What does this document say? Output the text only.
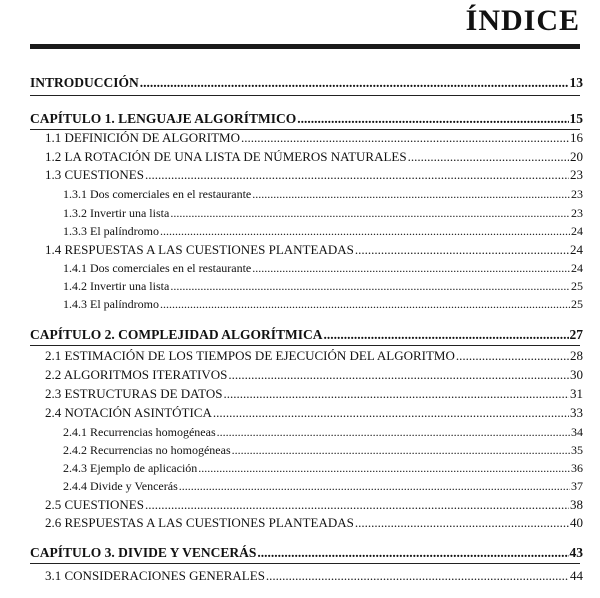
ÍNDICE
INTRODUCCIÓN .....	13
CAPÍTULO 1. LENGUAJE ALGORÍTMICO .....	15
1.1 DEFINICIÓN DE ALGORITMO .....	16
1.2 LA ROTACIÓN DE UNA LISTA DE NÚMEROS NATURALES .....	20
1.3 CUESTIONES .....	23
1.3.1 Dos comerciales en el restaurante .....	23
1.3.2 Invertir una lista .....	23
1.3.3 El palíndromo .....	24
1.4 RESPUESTAS A LAS CUESTIONES PLANTEADAS .....	24
1.4.1 Dos comerciales en el restaurante .....	24
1.4.2 Invertir una lista .....	25
1.4.3 El palíndromo .....	25
CAPÍTULO 2. COMPLEJIDAD ALGORÍTMICA .....	27
2.1 ESTIMACIÓN DE LOS TIEMPOS DE EJECUCIÓN DEL ALGORITMO .....	28
2.2 ALGORITMOS ITERATIVOS .....	30
2.3 ESTRUCTURAS DE DATOS .....	31
2.4 NOTACIÓN ASINTÓTICA .....	33
2.4.1 Recurrencias homogéneas .....	34
2.4.2 Recurrencias no homogéneas .....	35
2.4.3 Ejemplo de aplicación .....	36
2.4.4 Divide y Vencerás .....	37
2.5 CUESTIONES .....	38
2.6 RESPUESTAS A LAS CUESTIONES PLANTEADAS .....	40
CAPÍTULO 3. DIVIDE Y VENCERÁS .....	43
3.1 CONSIDERACIONES GENERALES .....	44
